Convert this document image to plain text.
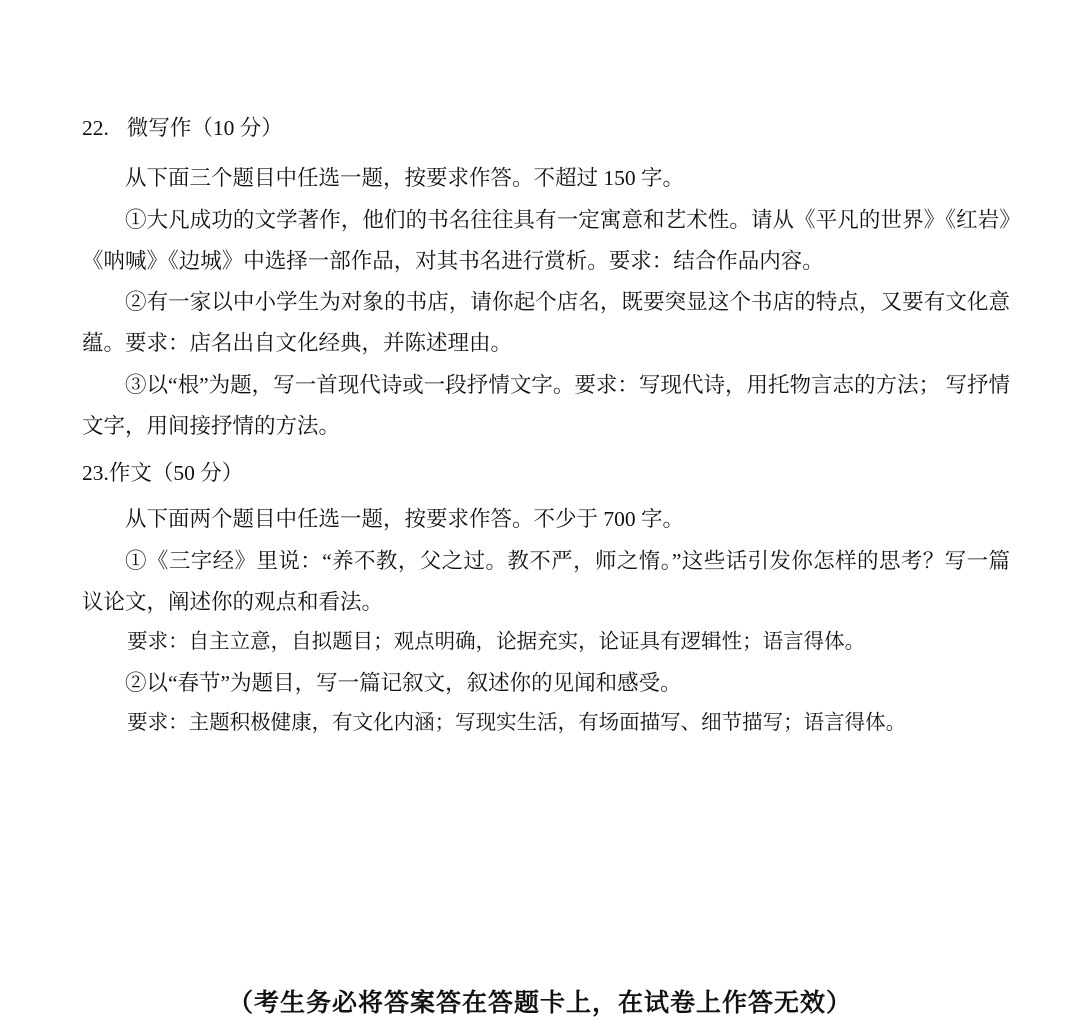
22. 微写作（10 分）

从下面三个题目中任选一题，按要求作答。不超过 150 字。

①大凡成功的文学著作，他们的书名往往具有一定寓意和艺术性。请从《平凡的世界》《红岩》《呐喊》《边城》中选择一部作品，对其书名进行赏析。要求：结合作品内容。

②有一家以中小学生为对象的书店，请你起个店名，既要突显这个书店的特点，又要有文化意蕴。要求：店名出自文化经典，并陈述理由。

③以“根”为题，写一首现代诗或一段抒情文字。要求：写现代诗，用托物言志的方法； 写抒情文字，用间接抒情的方法。

23.作文（50 分）

从下面两个题目中任选一题，按要求作答。不少于 700 字。

①《三字经》里说：“养不教，父之过。教不严，师之惰。”这些话引发你怎样的思考？写一篇议论文，阐述你的观点和看法。

要求：自主立意，自拟题目；观点明确，论据充实，论证具有逻辑性；语言得体。

②以“春节”为题目，写一篇记叙文，叙述你的见闻和感受。

要求：主题积极健康，有文化内涵；写现实生活，有场面描写、细节描写；语言得体。

（考生务必将答案答在答题卡上，在试卷上作答无效）
